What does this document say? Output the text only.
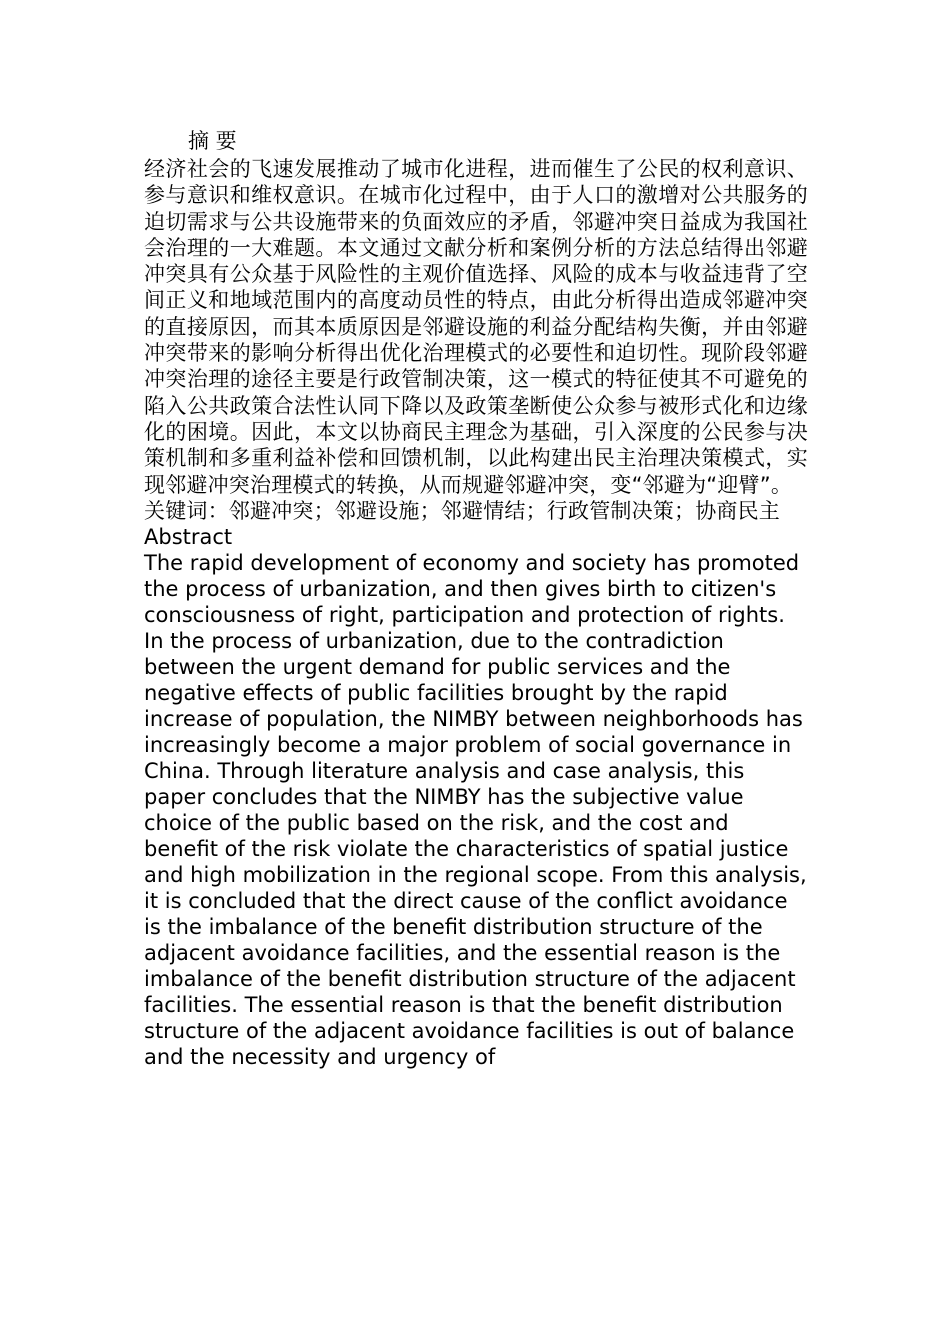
摘 要

经济社会的飞速发展推动了城市化进程，进而催生了公民的权利意识、参与意识和维权意识。在城市化过程中，由于人口的激增对公共服务的迫切需求与公共设施带来的负面效应的矛盾，邻避冲突日益成为我国社会治理的一大难题。本文通过文献分析和案例分析的方法总结得出邻避冲突具有公众基于风险性的主观价值选择、风险的成本与收益违背了空间正义和地域范围内的高度动员性的特点，由此分析得出造成邻避冲突的直接原因，而其本质原因是邻避设施的利益分配结构失衡，并由邻避冲突带来的影响分析得出优化治理模式的必要性和迫切性。现阶段邻避冲突治理的途径主要是行政管制决策，这一模式的特征使其不可避免的陷入公共政策合法性认同下降以及政策垄断使公众参与被形式化和边缘化的困境。因此，本文以协商民主理念为基础，引入深度的公民参与决策机制和多重利益补偿和回馈机制，以此构建出民主治理决策模式，实现邻避冲突治理模式的转换，从而规避邻避冲突，变“邻避为“迎臂”。

关键词：邻避冲突；邻避设施；邻避情结；行政管制决策；协商民主

Abstract

The rapid development of economy and society has promoted the process of urbanization, and then gives birth to citizen's consciousness of right, participation and protection of rights. In the process of urbanization, due to the contradiction between the urgent demand for public services and the negative effects of public facilities brought by the rapid increase of population, the NIMBY between neighborhoods has increasingly become a major problem of social governance in China. Through literature analysis and case analysis, this paper concludes that the NIMBY has the subjective value choice of the public based on the risk, and the cost and benefit of the risk violate the characteristics of spatial justice and high mobilization in the regional scope. From this analysis, it is concluded that the direct cause of the conflict avoidance is the imbalance of the benefit distribution structure of the adjacent avoidance facilities, and the essential reason is the imbalance of the benefit distribution structure of the adjacent facilities. The essential reason is that the benefit distribution structure of the adjacent avoidance facilities is out of balance and the necessity and urgency of
